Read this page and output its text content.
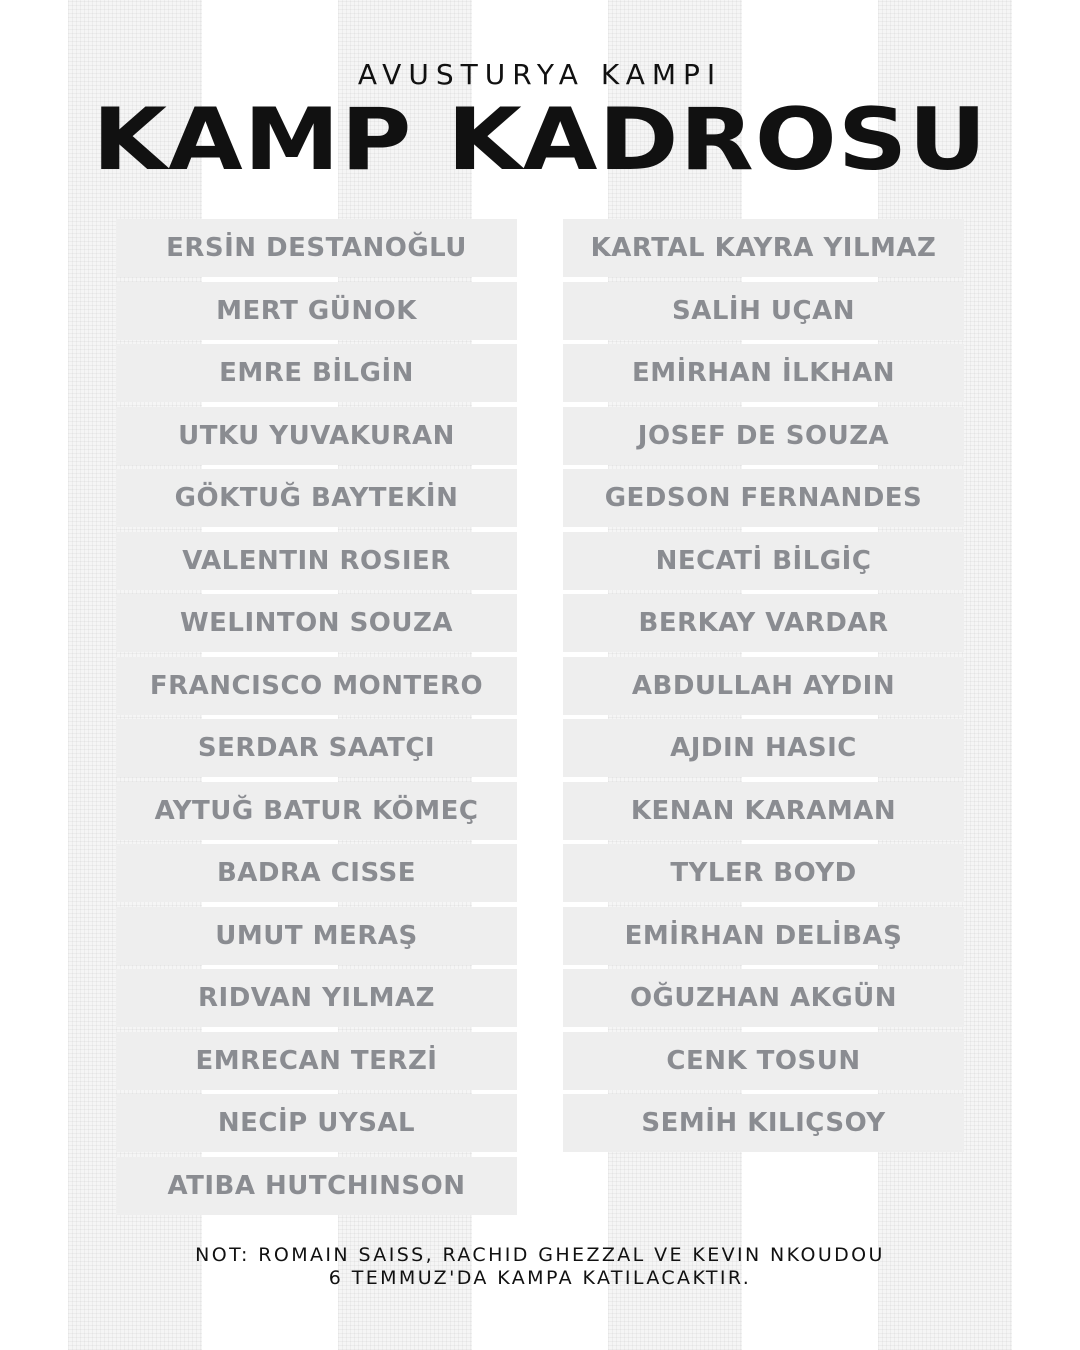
AVUSTURYA KAMPI
KAMP KADROSU
ERSİN DESTANOĞLU
MERT GÜNOK
EMRE BİLGİN
UTKU YUVAKURAN
GÖKTUĞ BAYTEKİN
VALENTIN ROSIER
WELINTON SOUZA
FRANCISCO MONTERO
SERDAR SAATÇI
AYTUĞ BATUR KÖMEÇ
BADRA CISSE
UMUT MERAŞ
RIDVAN YILMAZ
EMRECAN TERZİ
NECİP UYSAL
ATIBA HUTCHINSON
KARTAL KAYRA YILMAZ
SALİH UÇAN
EMİRHAN İLKHAN
JOSEF DE SOUZA
GEDSON FERNANDES
NECATİ BİLGİÇ
BERKAY VARDAR
ABDULLAH AYDIN
AJDIN HASIC
KENAN KARAMAN
TYLER BOYD
EMİRHAN DELİBAŞ
OĞUZHAN AKGÜN
CENK TOSUN
SEMİH KILIÇSOY
NOT: ROMAIN SAISS, RACHID GHEZZAL VE KEVIN NKOUDOU
6 TEMMUZ'DA KAMPA KATILACAKTIR.
